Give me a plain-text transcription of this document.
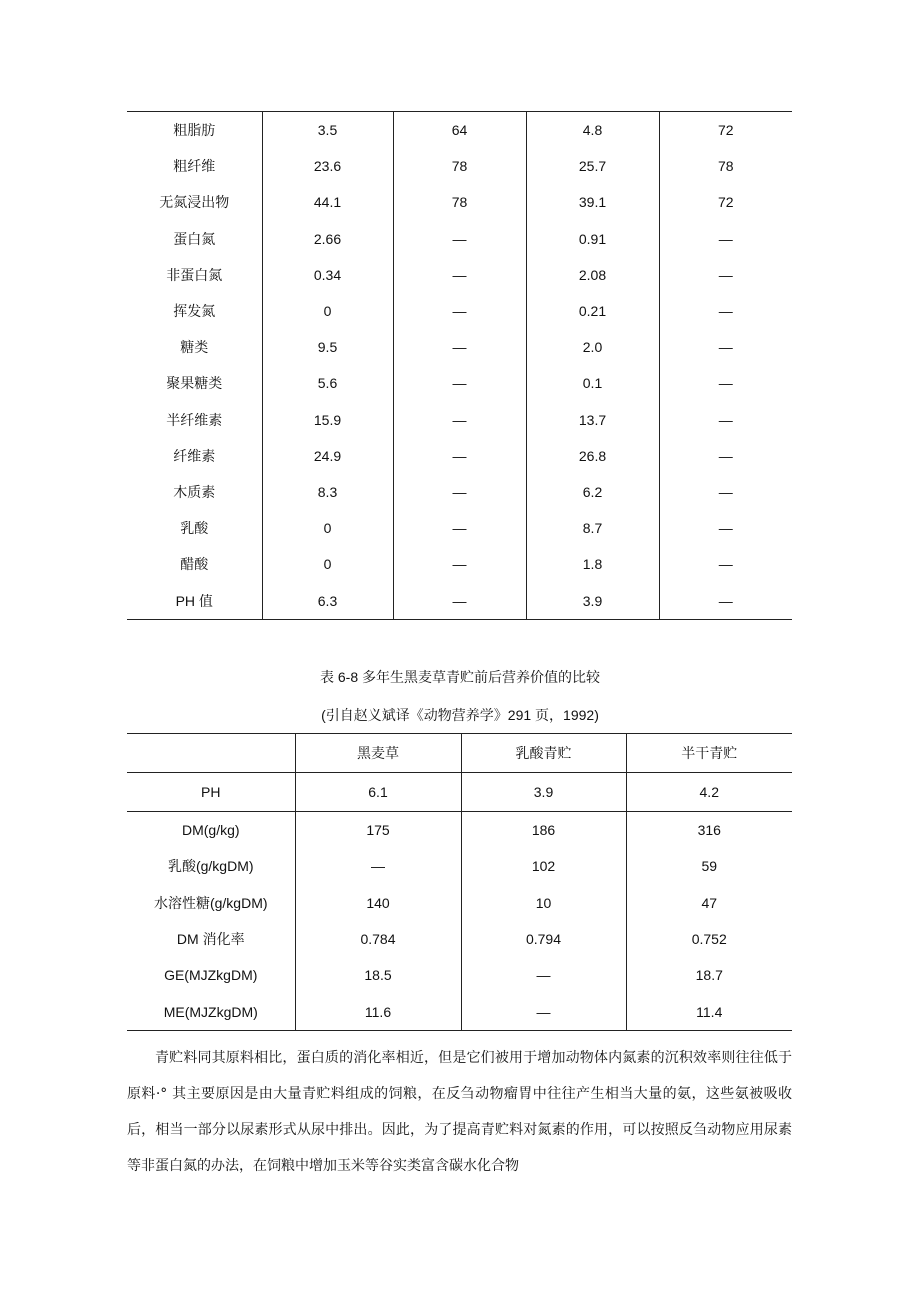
粗脂肪	3.5	64	4.8	72
粗纤维	23.6	78	25.7	78
无氮浸出物	44.1	78	39.1	72
蛋白氮	2.66	—	0.91	—
非蛋白氮	0.34	—	2.08	—
挥发氮	0	—	0.21	—
糖类	9.5	—	2.0	—
聚果糖类	5.6	—	0.1	—
半纤维素	15.9	—	13.7	—
纤维素	24.9	—	26.8	—
木质素	8.3	—	6.2	—
乳酸	0	—	8.7	—
醋酸	0	—	1.8	—
PH 值	6.3	—	3.9	—
表 6-8 多年生黑麦草青贮前后营养价值的比较
(引自赵义斌译《动物营养学》291 页，1992)
	黑麦草	乳酸青贮	半干青贮
PH	6.1	3.9	4.2
DM(g/kg)	175	186	316
乳酸(g/kgDM)	—	102	59
水溶性糖(g/kgDM)	140	10	47
DM 消化率	0.784	0.794	0.752
GE(MJZkgDM)	18.5	—	18.7
ME(MJZkgDM)	11.6	—	11.4

青贮料同其原料相比，蛋白质的消化率相近，但是它们被用于增加动物体内氮素的沉积效率则往往低于原料·° 其主要原因是由大量青贮料组成的饲粮，在反刍动物瘤胃中往往产生相当大量的氨，这些氨被吸收后，相当一部分以尿素形式从尿中排出。因此，为了提高青贮料对氮素的作用，可以按照反刍动物应用尿素等非蛋白氮的办法，在饲粮中增加玉米等谷实类富含碳水化合物
